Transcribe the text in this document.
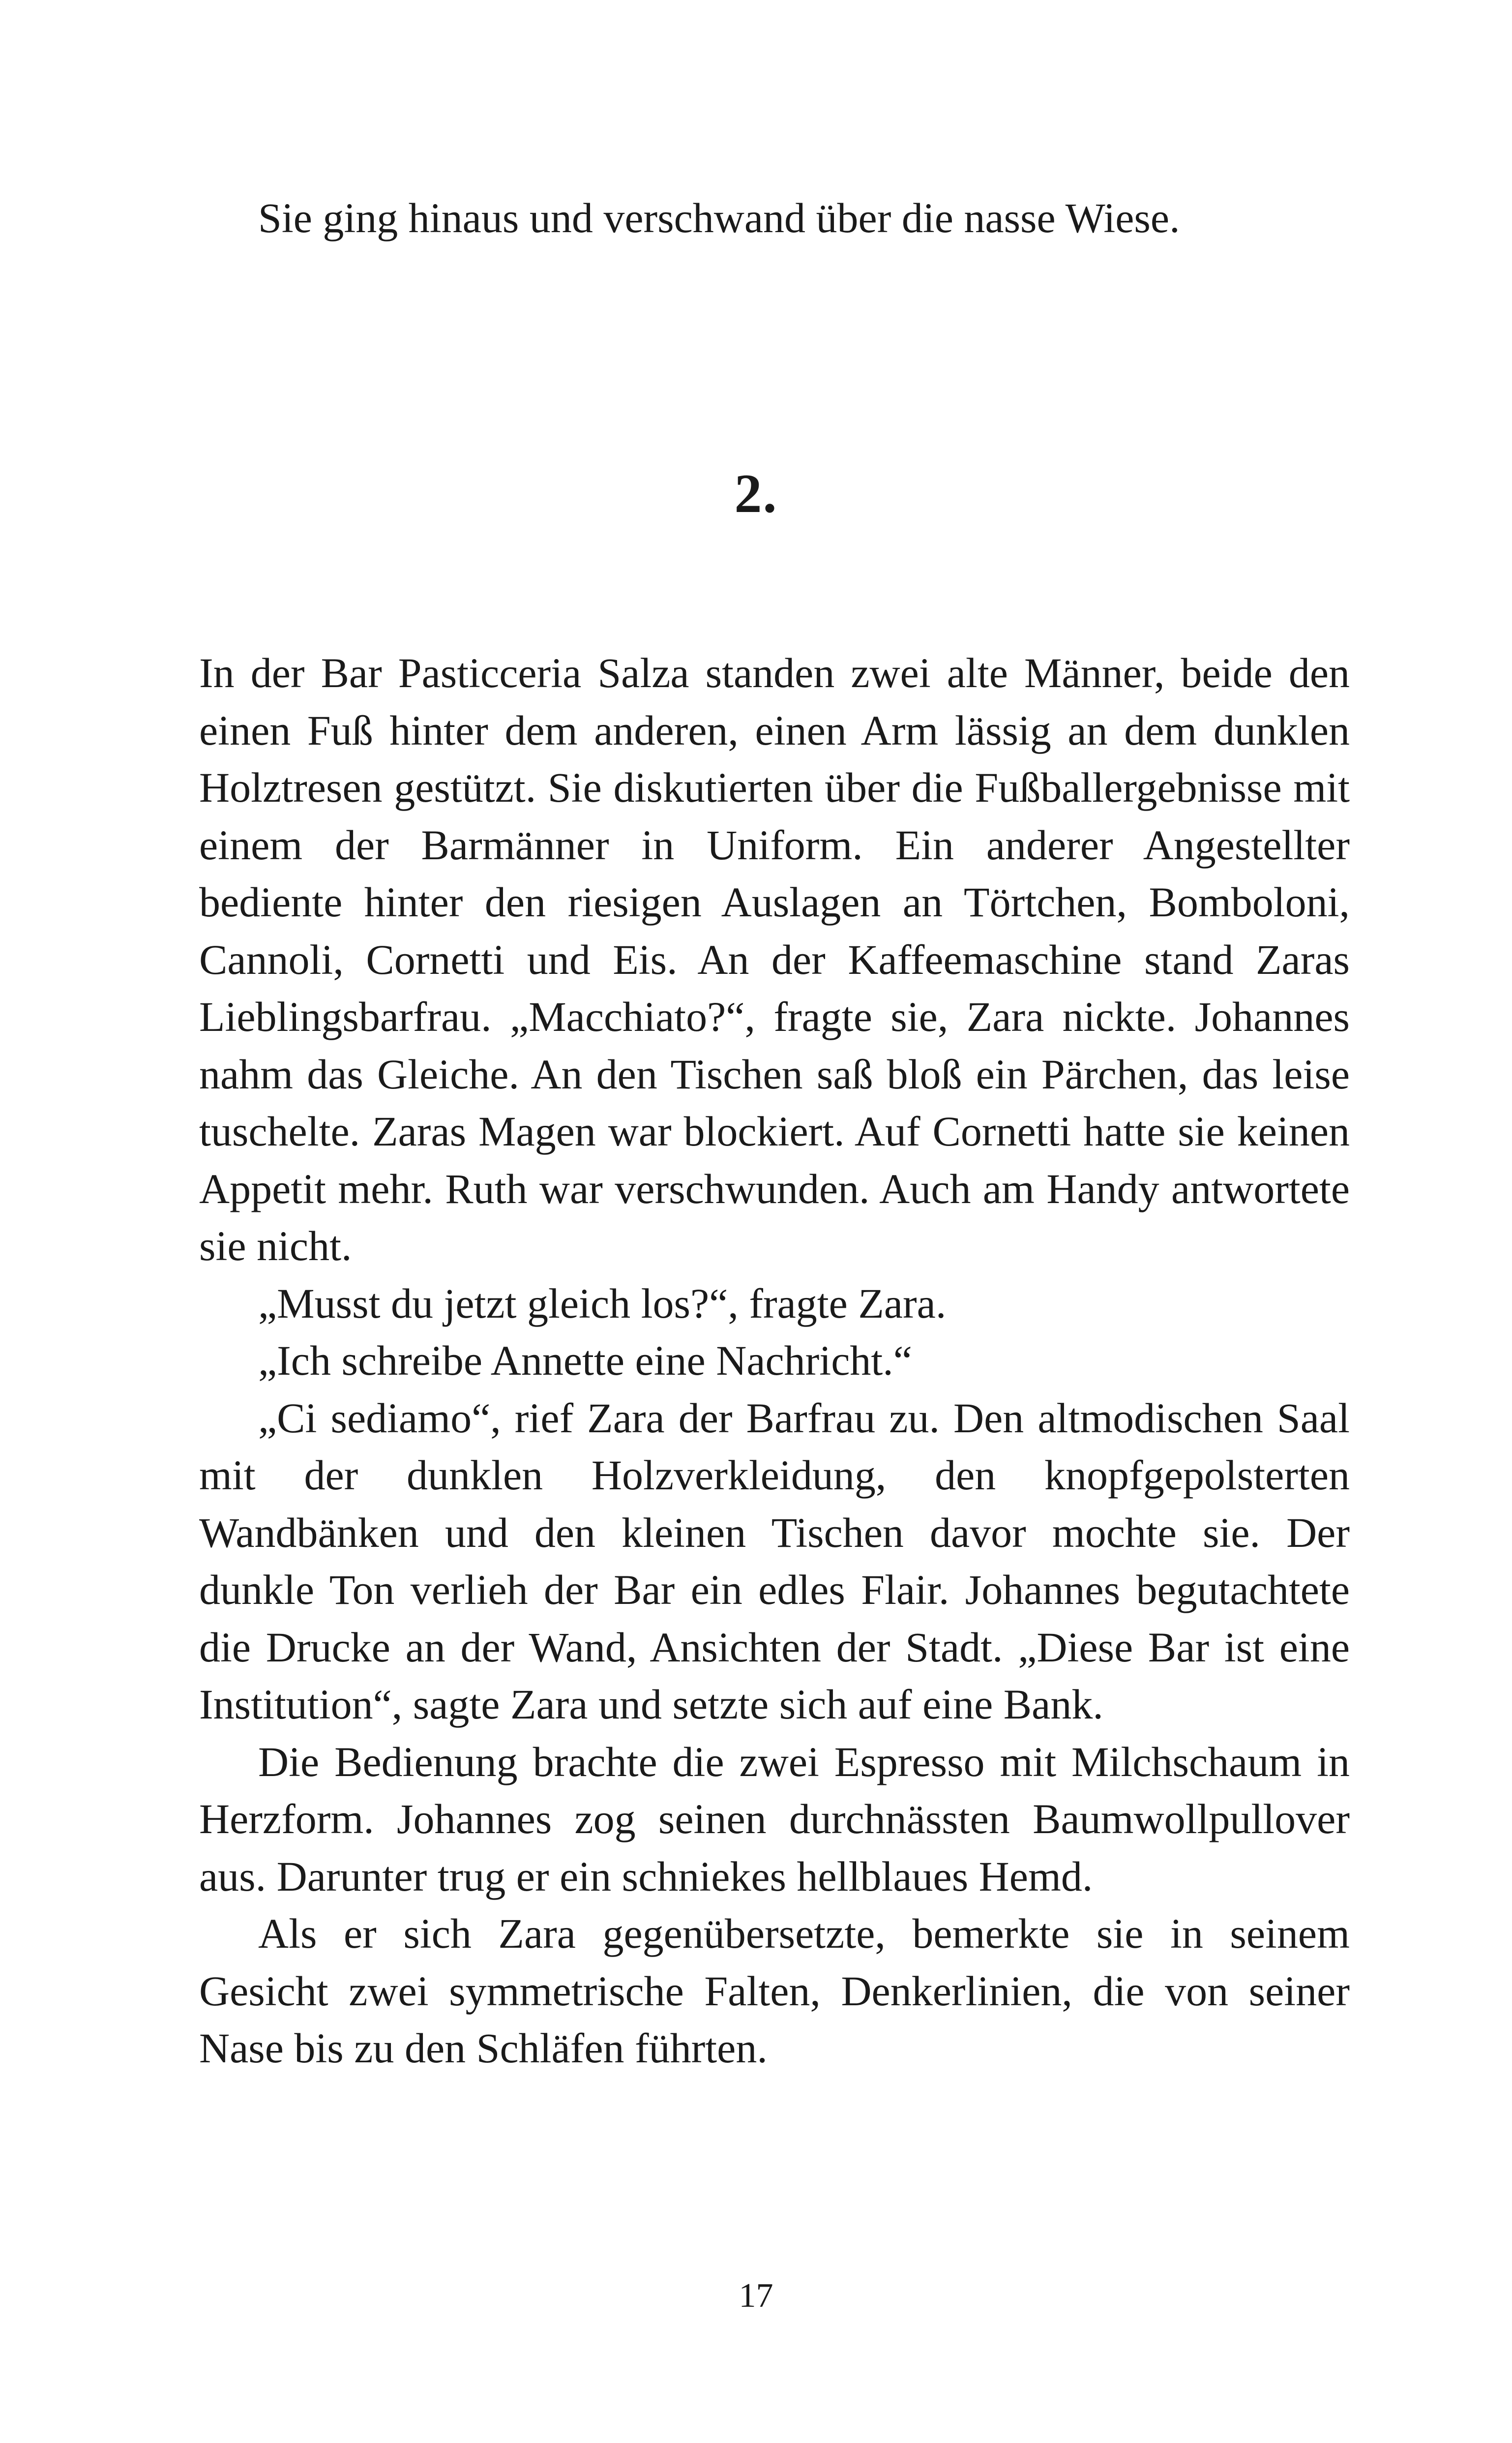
Sie ging hinaus und verschwand über die nasse Wiese.
2.

In der Bar Pasticceria Salza standen zwei alte Männer, beide den einen Fuß hinter dem anderen, einen Arm lässig an dem dunklen Holztresen gestützt. Sie diskutierten über die Fußballergebnisse mit einem der Barmänner in Uniform. Ein anderer Angestellter bediente hinter den riesigen Auslagen an Törtchen, Bomboloni, Cannoli, Cornetti und Eis. An der Kaffeemaschine stand Zaras Lieblingsbarfrau. „Macchiato?“, fragte sie, Zara nickte. Johannes nahm das Gleiche. An den Tischen saß bloß ein Pärchen, das leise tuschelte. Zaras Magen war blockiert. Auf Cornetti hatte sie keinen Appetit mehr. Ruth war verschwunden. Auch am Handy antwortete sie nicht.

„Musst du jetzt gleich los?“, fragte Zara.

„Ich schreibe Annette eine Nachricht.“

„Ci sediamo“, rief Zara der Barfrau zu. Den altmodischen Saal mit der dunklen Holzverkleidung, den knopfgepolsterten Wandbänken und den kleinen Tischen davor mochte sie. Der dunkle Ton verlieh der Bar ein edles Flair. Johannes begutachtete die Drucke an der Wand, Ansichten der Stadt. „Diese Bar ist eine Institution“, sagte Zara und setzte sich auf eine Bank.

Die Bedienung brachte die zwei Espresso mit Milchschaum in Herzform. Johannes zog seinen durchnässten Baumwollpullover aus. Darunter trug er ein schniekes hellblaues Hemd.

Als er sich Zara gegenübersetzte, bemerkte sie in seinem Gesicht zwei symmetrische Falten, Denkerlinien, die von seiner Nase bis zu den Schläfen führten.

17
